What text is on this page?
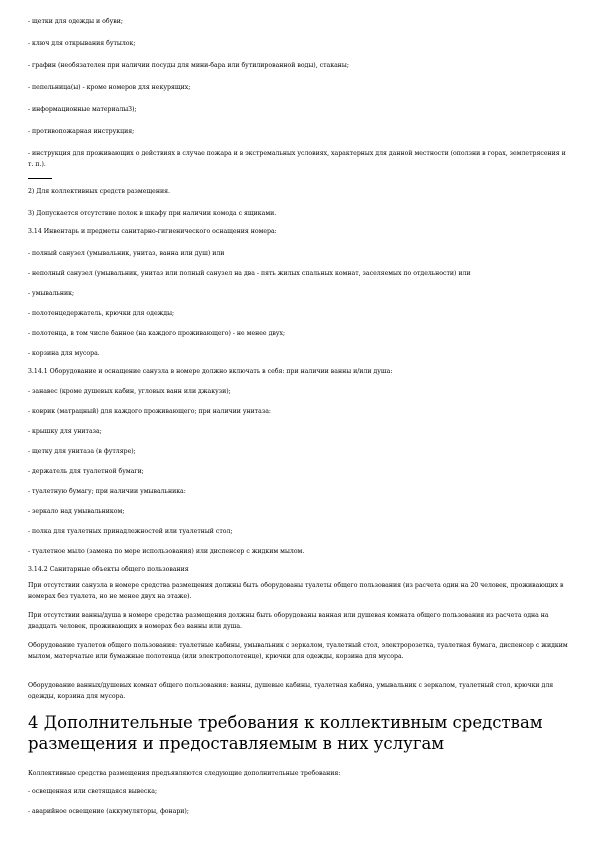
- щетки для одежды и обуви;

- ключ для открывания бутылок;

- графин (необязателен при наличии посуды для мини-бара или бутилированной воды), стаканы;

- пепельница(ы) - кроме номеров для некурящих;

- информационные материалы3);

- противопожарная инструкция;

- инструкция для проживающих о действиях в случае пожара и в экстремальных условиях, характерных для данной местности (оползни в горах, землетрясения и т. п.).

2) Для коллективных средств размещения.

3) Допускается отсутствие полок в шкафу при наличии комода с ящиками.

3.14 Инвентарь и предметы санитарно-гигиенического оснащения номера:

- полный санузел (умывальник, унитаз, ванна или душ) или

- неполный санузел (умывальник, унитаз или полный санузел на два - пять жилых спальных комнат, заселяемых по отдельности) или

- умывальник;

- полотенцедержатель, крючки для одежды;

- полотенца, в том числе банное (на каждого проживающего) - не менее двух;

- корзина для мусора.

3.14.1 Оборудование и оснащение санузла в номере должно включать в себя: при наличии ванны и/или душа:

- занавес (кроме душевых кабин, угловых ванн или джакузи);

- коврик (матрацный) для каждого проживающего; при наличии унитаза:

- крышку для унитаза;

- щетку для унитаза (в футляре);

- держатель для туалетной бумаги;

- туалетную бумагу; при наличии умывальника:

- зеркало над умывальником;

- полка для туалетных принадлежностей или туалетный стол;

- туалетное мыло (замена по мере использования) или диспенсер с жидким мылом.

3.14.2 Санитарные объекты общего пользования

При отсутствии санузла в номере средства размещения должны быть оборудованы туалеты общего пользования (из расчета один на 20 человек, проживающих в номерах без туалета, но не менее двух на этаже).

При отсутствии ванны/душа в номере средства размещения должны быть оборудованы ванная или душевая комната общего пользования из расчета одна на двадцать человек, проживающих в номерах без ванны или душа.

Оборудование туалетов общего пользования: туалетные кабины, умывальник с зеркалом, туалетный стол, электророзетка, туалетная бумага, диспенсер с жидким мылом, матерчатые или бумажные полотенца (или электрополотенце), крючки для одежды, корзина для мусора.

Оборудование ванных/душевых комнат общего пользования: ванны, душевые кабины, туалетная кабина, умывальник с зеркалом, туалетный стол, крючки для одежды, корзина для мусора.

4 Дополнительные требования к коллективным средствам размещения и предоставляемым в них услугам

Коллективные средства размещения предъявляются следующие дополнительные требования:

- освещенная или светящаяся вывеска;

- аварийное освещение (аккумуляторы, фонари);
